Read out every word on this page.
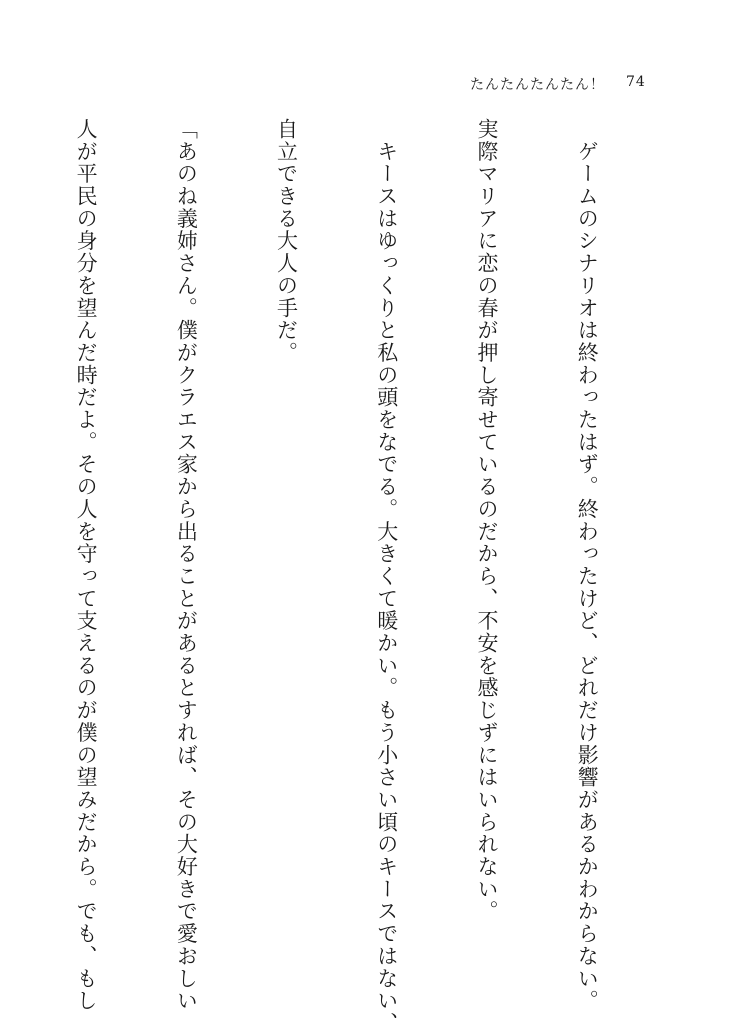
たんたんたんたん！ 74

　ゲームのシナリオは終わったはず。終わったけど、どれだけ影響があるかわからない。

実際マリアに恋の春が押し寄せているのだから、不安を感じずにはいられない。

　キースはゆっくりと私の頭をなでる。大きくて暖かい。もう小さい頃のキースではない、

自立できる大人の手だ。

「あのね義姉さん。僕がクラエス家から出ることがあるとすれば、その大好きで愛おしい

人が平民の身分を望んだ時だよ。その人を守って支えるのが僕の望みだから。でも、もし
